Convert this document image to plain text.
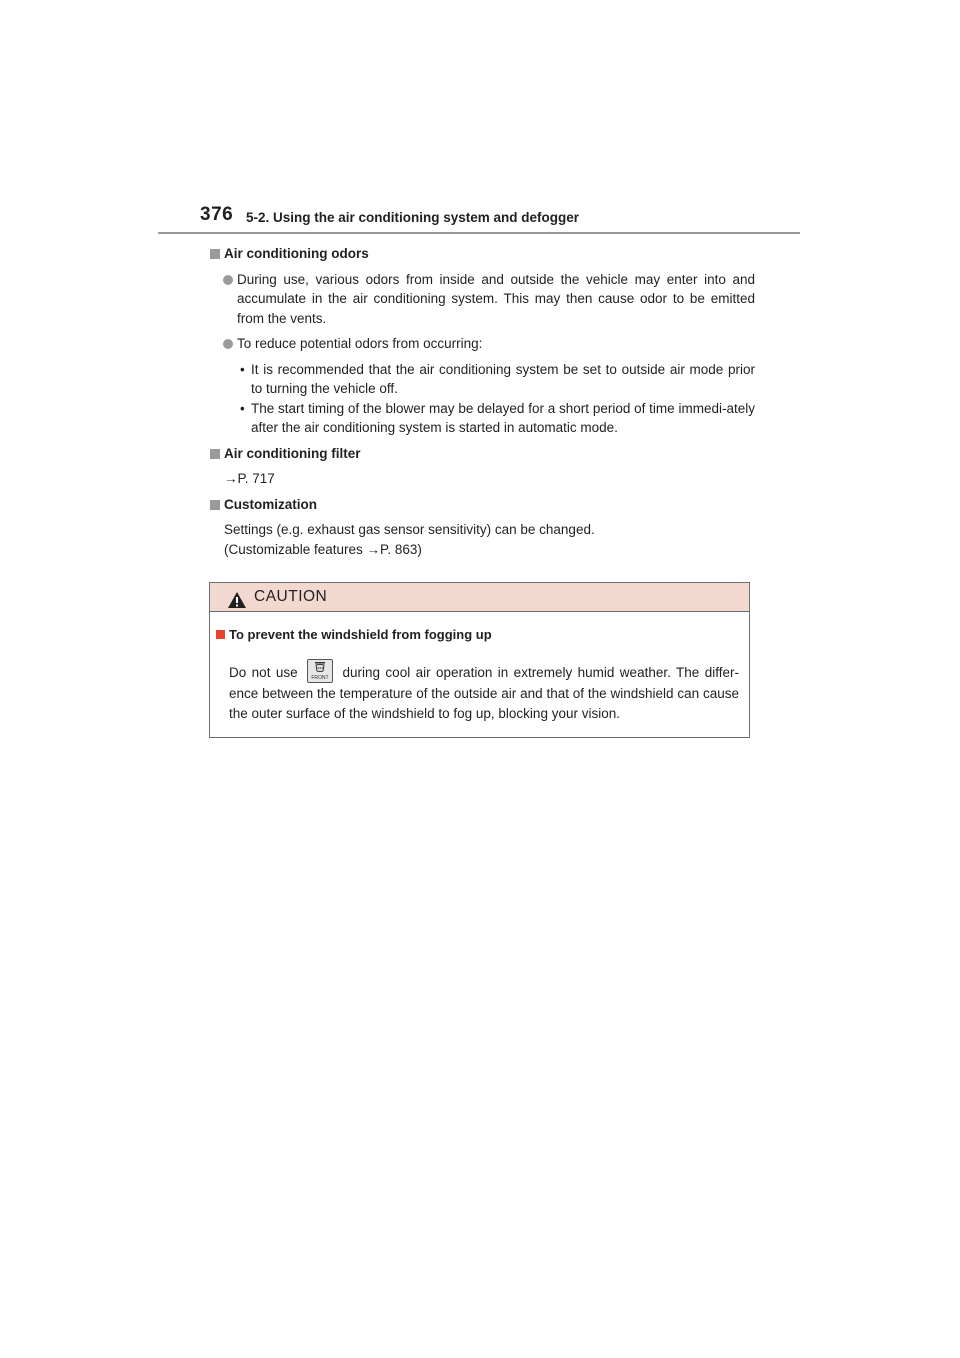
376 5-2. Using the air conditioning system and defogger
Air conditioning odors
During use, various odors from inside and outside the vehicle may enter into and accumulate in the air conditioning system. This may then cause odor to be emitted from the vents.
To reduce potential odors from occurring:
• It is recommended that the air conditioning system be set to outside air mode prior to turning the vehicle off.
• The start timing of the blower may be delayed for a short period of time immedi-ately after the air conditioning system is started in automatic mode.
Air conditioning filter
→P. 717
Customization
Settings (e.g. exhaust gas sensor sensitivity) can be changed.
(Customizable features →P. 863)
CAUTION
To prevent the windshield from fogging up
Do not use	FRONT during cool air operation in extremely humid weather. The differ-ence between the temperature of the outside air and that of the windshield can cause the outer surface of the windshield to fog up, blocking your vision.
